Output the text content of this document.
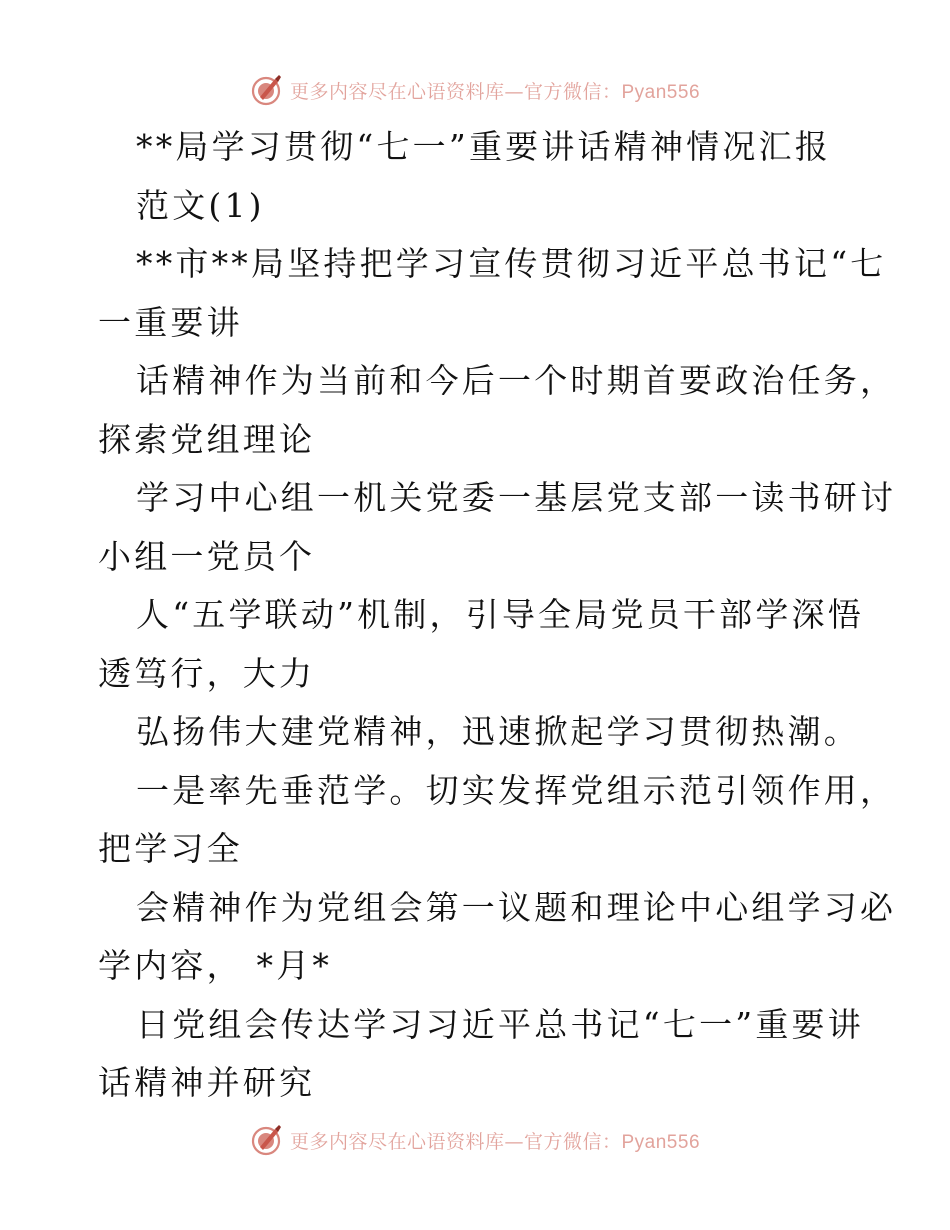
更多内容尽在心语资料库—官方微信：Pyan556
**局学习贯彻“七一”重要讲话精神情况汇报
范文(1)
**市**局坚持把学习宣传贯彻习近平总书记“七
一重要讲
话精神作为当前和今后一个时期首要政治任务，
探索党组理论
学习中心组一机关党委一基层党支部一读书研讨
小组一党员个
人“五学联动”机制，引导全局党员干部学深悟
透笃行，大力
弘扬伟大建党精神，迅速掀起学习贯彻热潮。
一是率先垂范学。切实发挥党组示范引领作用，
把学习全
会精神作为党组会第一议题和理论中心组学习必
学内容， *月*
日党组会传达学习习近平总书记“七一”重要讲
话精神并研究
更多内容尽在心语资料库—官方微信：Pyan556
